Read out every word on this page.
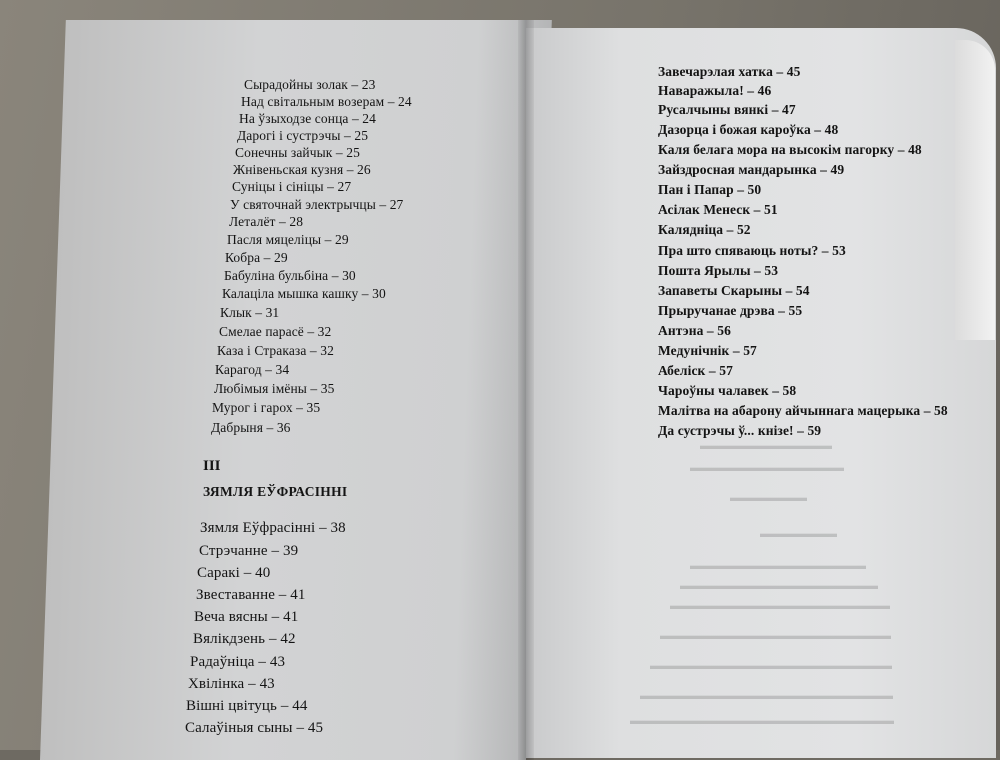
▬▬▬▬▬▬▬▬▬▬▬▬
▬▬▬▬▬▬▬▬▬▬▬▬▬▬
▬▬▬▬▬▬▬
▬▬▬▬▬▬▬
▬▬▬▬▬▬▬▬▬▬▬▬▬▬▬▬
▬▬▬▬▬▬▬▬▬▬▬▬▬▬▬▬▬▬
▬▬▬▬▬▬▬▬▬▬▬▬▬▬▬▬▬▬▬▬
▬▬▬▬▬▬▬▬▬▬▬▬▬▬▬▬▬▬▬▬▬
▬▬▬▬▬▬▬▬▬▬▬▬▬▬▬▬▬▬▬▬▬▬
▬▬▬▬▬▬▬▬▬▬▬▬▬▬▬▬▬▬▬▬▬▬▬
▬▬▬▬▬▬▬▬▬▬▬▬▬▬▬▬▬▬▬▬▬▬▬▬
Сырадойны золак – 23
Над світальным возерам – 24
На ўзыходзе сонца – 24
Дарогі і сустрэчы – 25
Сонечны зайчык – 25
Жнівеньская кузня – 26
Суніцы і сініцы – 27
У святочнай электрычцы – 27
Леталёт – 28
Пасля мяцеліцы – 29
Кобра – 29
Бабуліна бульбіна – 30
Калацiла мышка кашку – 30
Клык – 31
Смелае парасё – 32
Каза і Страказа – 32
Карагод – 34
Любімыя імёны – 35
Мурог і гарох – 35
Дабрыня – 36
III
ЗЯМЛЯ ЕЎФРАСІННІ
Зямля Еўфрасінні – 38
Стрэчанне – 39
Саракі – 40
Звеставанне – 41
Веча вясны – 41
Вялікдзень – 42
Радаўніца – 43
Хвілінка – 43
Вішні цвітуць – 44
Салаўіныя сыны – 45
Завечарэлая хатка – 45
Наваражыла! – 46
Русалчыны вянкі – 47
Дазорца і божая кароўка – 48
Каля белага мора на высокім пагорку – 48
Зайздросная мандарынка – 49
Пан і Папар – 50
Асілак Менеск – 51
Каляднiца – 52
Пра што спяваюць ноты? – 53
Пошта Ярылы – 53
Запаветы Скарыны – 54
Прыручанае дрэва – 55
Антэна – 56
Медунічнік – 57
Абеліск – 57
Чароўны чалавек – 58
Малітва на абарону айчыннага мацерыка – 58
Да сустрэчы ў... кнізе! – 59
